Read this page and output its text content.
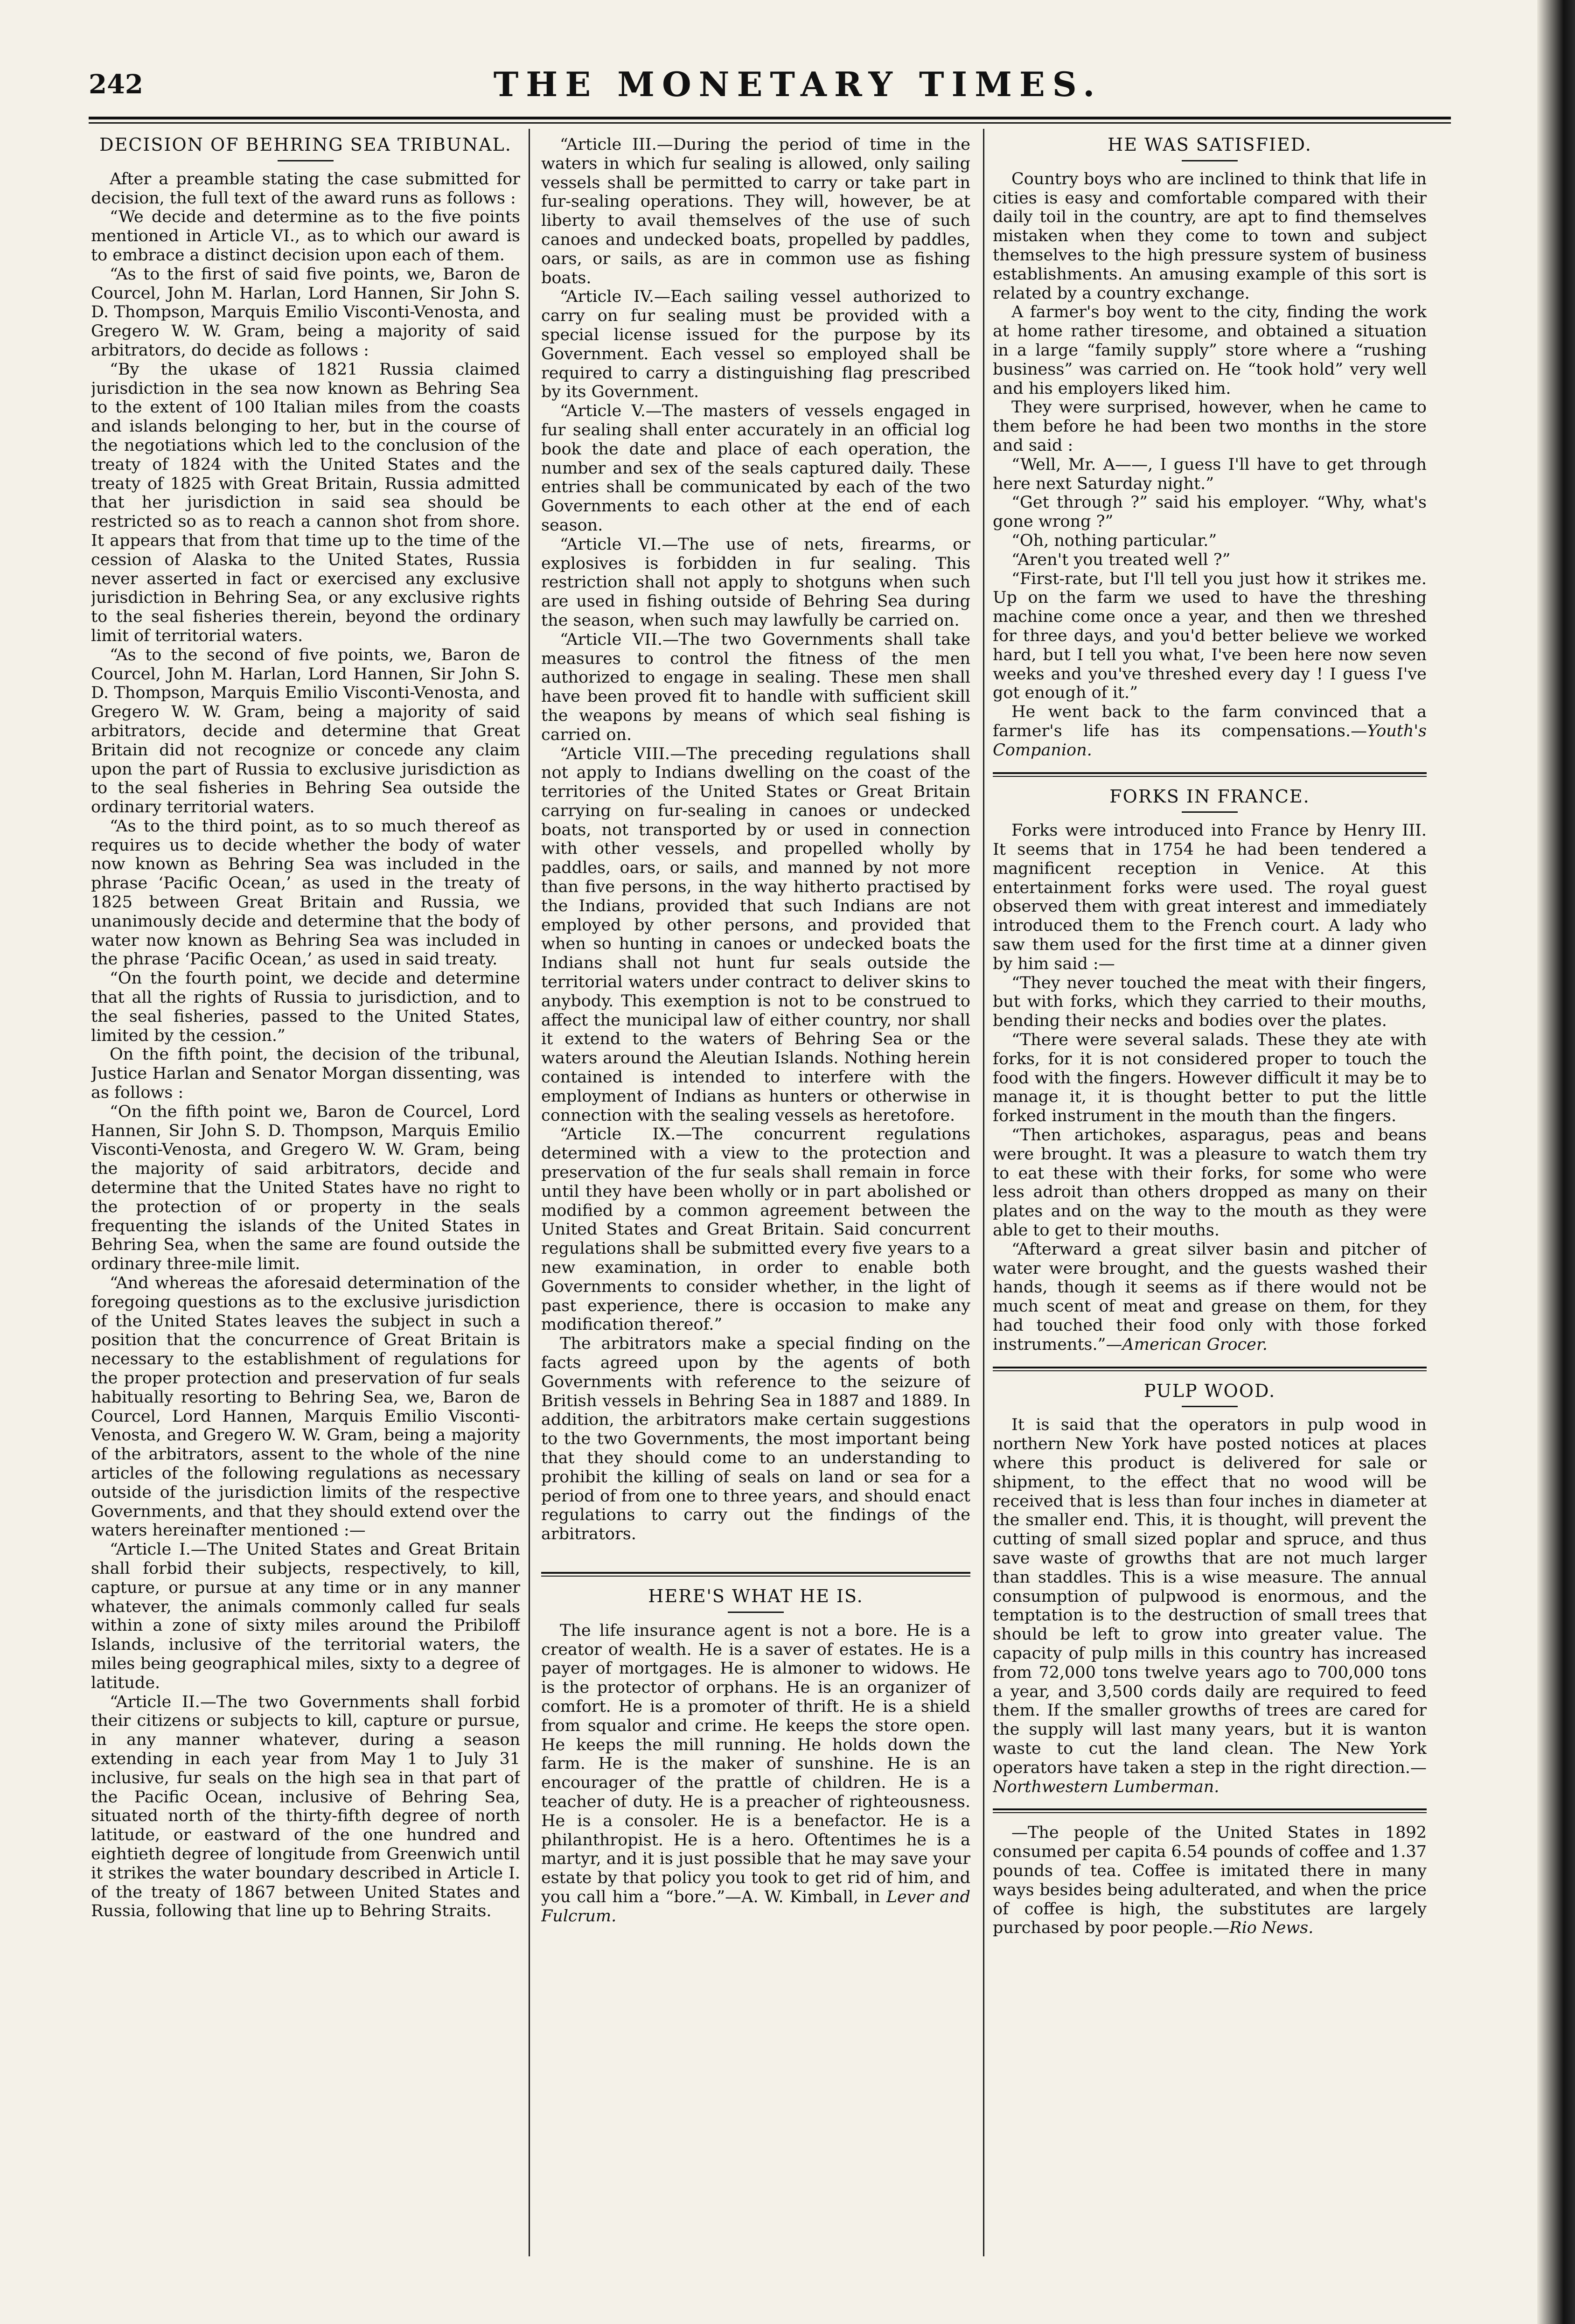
242	THE MONETARY TIMES.

DECISION OF BEHRING SEA TRIBUNAL.

After a preamble stating the case submitted for decision, the full text of the award runs as follows :

“We decide and determine as to the five points mentioned in Article VI., as to which our award is to embrace a distinct decision upon each of them.

“As to the first of said five points, we, Baron de Courcel, John M. Harlan, Lord Hannen, Sir John S. D. Thompson, Marquis Emilio Visconti-Venosta, and Gregero W. W. Gram, being a majority of said arbitrators, do decide as follows :

“By the ukase of 1821 Russia claimed jurisdiction in the sea now known as Behring Sea to the extent of 100 Italian miles from the coasts and islands belonging to her, but in the course of the negotiations which led to the conclusion of the treaty of 1824 with the United States and the treaty of 1825 with Great Britain, Russia admitted that her jurisdiction in said sea should be restricted so as to reach a cannon shot from shore. It appears that from that time up to the time of the cession of Alaska to the United States, Russia never asserted in fact or exercised any exclusive jurisdiction in Behring Sea, or any exclusive rights to the seal fisheries therein, beyond the ordinary limit of territorial waters.

“As to the second of five points, we, Baron de Courcel, John M. Harlan, Lord Hannen, Sir John S. D. Thompson, Marquis Emilio Visconti-Venosta, and Gregero W. W. Gram, being a majority of said arbitrators, decide and determine that Great Britain did not recognize or concede any claim upon the part of Russia to exclusive jurisdiction as to the seal fisheries in Behring Sea outside the ordinary territorial waters.

“As to the third point, as to so much thereof as requires us to decide whether the body of water now known as Behring Sea was included in the phrase ‘Pacific Ocean,’ as used in the treaty of 1825 between Great Britain and Russia, we unanimously decide and determine that the body of water now known as Behring Sea was included in the phrase ‘Pacific Ocean,’ as used in said treaty.

“On the fourth point, we decide and determine that all the rights of Russia to jurisdiction, and to the seal fisheries, passed to the United States, limited by the cession.”

On the fifth point, the decision of the tribunal, Justice Harlan and Senator Morgan dissenting, was as follows :

“On the fifth point we, Baron de Courcel, Lord Hannen, Sir John S. D. Thompson, Marquis Emilio Visconti-Venosta, and Gregero W. W. Gram, being the majority of said arbitrators, decide and determine that the United States have no right to the protection of or property in the seals frequenting the islands of the United States in Behring Sea, when the same are found outside the ordinary three-mile limit.

“And whereas the aforesaid determination of the foregoing questions as to the exclusive jurisdiction of the United States leaves the subject in such a position that the concurrence of Great Britain is necessary to the establishment of regulations for the proper protection and preservation of fur seals habitually resorting to Behring Sea, we, Baron de Courcel, Lord Hannen, Marquis Emilio Visconti-Venosta, and Gregero W. W. Gram, being a majority of the arbitrators, assent to the whole of the nine articles of the following regulations as necessary outside of the jurisdiction limits of the respective Governments, and that they should extend over the waters hereinafter mentioned :—

“Article I.—The United States and Great Britain shall forbid their subjects, respectively, to kill, capture, or pursue at any time or in any manner whatever, the animals commonly called fur seals within a zone of sixty miles around the Pribiloff Islands, inclusive of the territorial waters, the miles being geographical miles, sixty to a degree of latitude.

“Article II.—The two Governments shall forbid their citizens or subjects to kill, capture or pursue, in any manner whatever, during a season extending in each year from May 1 to July 31 inclusive, fur seals on the high sea in that part of the Pacific Ocean, inclusive of Behring Sea, situated north of the thirty-fifth degree of north latitude, or eastward of the one hundred and eightieth degree of longitude from Greenwich until it strikes the water boundary described in Article I. of the treaty of 1867 between United States and Russia, following that line up to Behring Straits.

“Article III.—During the period of time in the waters in which fur sealing is allowed, only sailing vessels shall be permitted to carry or take part in fur-sealing operations. They will, however, be at liberty to avail themselves of the use of such canoes and undecked boats, propelled by paddles, oars, or sails, as are in common use as fishing boats.

“Article IV.—Each sailing vessel authorized to carry on fur sealing must be provided with a special license issued for the purpose by its Government. Each vessel so employed shall be required to carry a distinguishing flag prescribed by its Government.

“Article V.—The masters of vessels engaged in fur sealing shall enter accurately in an official log book the date and place of each operation, the number and sex of the seals captured daily. These entries shall be communicated by each of the two Governments to each other at the end of each season.

“Article VI.—The use of nets, firearms, or explosives is forbidden in fur sealing. This restriction shall not apply to shotguns when such are used in fishing outside of Behring Sea during the season, when such may lawfully be carried on.

“Article VII.—The two Governments shall take measures to control the fitness of the men authorized to engage in sealing. These men shall have been proved fit to handle with sufficient skill the weapons by means of which seal fishing is carried on.

“Article VIII.—The preceding regulations shall not apply to Indians dwelling on the coast of the territories of the United States or Great Britain carrying on fur-sealing in canoes or undecked boats, not transported by or used in connection with other vessels, and propelled wholly by paddles, oars, or sails, and manned by not more than five persons, in the way hitherto practised by the Indians, provided that such Indians are not employed by other persons, and provided that when so hunting in canoes or undecked boats the Indians shall not hunt fur seals outside the territorial waters under contract to deliver skins to anybody. This exemption is not to be construed to affect the municipal law of either country, nor shall it extend to the waters of Behring Sea or the waters around the Aleutian Islands. Nothing herein contained is intended to interfere with the employment of Indians as hunters or otherwise in connection with the sealing vessels as heretofore.

“Article IX.—The concurrent regulations determined with a view to the protection and preservation of the fur seals shall remain in force until they have been wholly or in part abolished or modified by a common agreement between the United States and Great Britain. Said concurrent regulations shall be submitted every five years to a new examination, in order to enable both Governments to consider whether, in the light of past experience, there is occasion to make any modification thereof.”

The arbitrators make a special finding on the facts agreed upon by the agents of both Governments with reference to the seizure of British vessels in Behring Sea in 1887 and 1889. In addition, the arbitrators make certain suggestions to the two Governments, the most important being that they should come to an understanding to prohibit the killing of seals on land or sea for a period of from one to three years, and should enact regulations to carry out the findings of the arbitrators.

HERE'S WHAT HE IS.

The life insurance agent is not a bore. He is a creator of wealth. He is a saver of estates. He is a payer of mortgages. He is almoner to widows. He is the protector of orphans. He is an organizer of comfort. He is a promoter of thrift. He is a shield from squalor and crime. He keeps the store open. He keeps the mill running. He holds down the farm. He is the maker of sunshine. He is an encourager of the prattle of children. He is a teacher of duty. He is a preacher of righteousness. He is a consoler. He is a benefactor. He is a philanthropist. He is a hero. Oftentimes he is a martyr, and it is just possible that he may save your estate by that policy you took to get rid of him, and you call him a “bore.”—A. W. Kimball, in Lever and Fulcrum.

HE WAS SATISFIED.

Country boys who are inclined to think that life in cities is easy and comfortable compared with their daily toil in the country, are apt to find themselves mistaken when they come to town and subject themselves to the high pressure system of business establishments. An amusing example of this sort is related by a country exchange.

A farmer's boy went to the city, finding the work at home rather tiresome, and obtained a situation in a large “family supply” store where a “rushing business” was carried on. He “took hold” very well and his employers liked him.

They were surprised, however, when he came to them before he had been two months in the store and said :

“Well, Mr. A——, I guess I'll have to get through here next Saturday night.”

“Get through ?” said his employer. “Why, what's gone wrong ?”

“Oh, nothing particular.”

“Aren't you treated well ?”

“First-rate, but I'll tell you just how it strikes me. Up on the farm we used to have the threshing machine come once a year, and then we threshed for three days, and you'd better believe we worked hard, but I tell you what, I've been here now seven weeks and you've threshed every day ! I guess I've got enough of it.”

He went back to the farm convinced that a farmer's life has its compensations.—Youth's Companion.

FORKS IN FRANCE.

Forks were introduced into France by Henry III. It seems that in 1754 he had been tendered a magnificent reception in Venice. At this entertainment forks were used. The royal guest observed them with great interest and immediately introduced them to the French court. A lady who saw them used for the first time at a dinner given by him said :—

“They never touched the meat with their fingers, but with forks, which they carried to their mouths, bending their necks and bodies over the plates.

“There were several salads. These they ate with forks, for it is not considered proper to touch the food with the fingers. However difficult it may be to manage it, it is thought better to put the little forked instrument in the mouth than the fingers.

“Then artichokes, asparagus, peas and beans were brought. It was a pleasure to watch them try to eat these with their forks, for some who were less adroit than others dropped as many on their plates and on the way to the mouth as they were able to get to their mouths.

“Afterward a great silver basin and pitcher of water were brought, and the guests washed their hands, though it seems as if there would not be much scent of meat and grease on them, for they had touched their food only with those forked instruments.”—American Grocer.

PULP WOOD.

It is said that the operators in pulp wood in northern New York have posted notices at places where this product is delivered for sale or shipment, to the effect that no wood will be received that is less than four inches in diameter at the smaller end. This, it is thought, will prevent the cutting of small sized poplar and spruce, and thus save waste of growths that are not much larger than staddles. This is a wise measure. The annual consumption of pulpwood is enormous, and the temptation is to the destruction of small trees that should be left to grow into greater value. The capacity of pulp mills in this country has increased from 72,000 tons twelve years ago to 700,000 tons a year, and 3,500 cords daily are required to feed them. If the smaller growths of trees are cared for the supply will last many years, but it is wanton waste to cut the land clean. The New York operators have taken a step in the right direction.—Northwestern Lumberman.

—The people of the United States in 1892 consumed per capita 6.54 pounds of coffee and 1.37 pounds of tea. Coffee is imitated there in many ways besides being adulterated, and when the price of coffee is high, the substitutes are largely purchased by poor people.—Rio News.
